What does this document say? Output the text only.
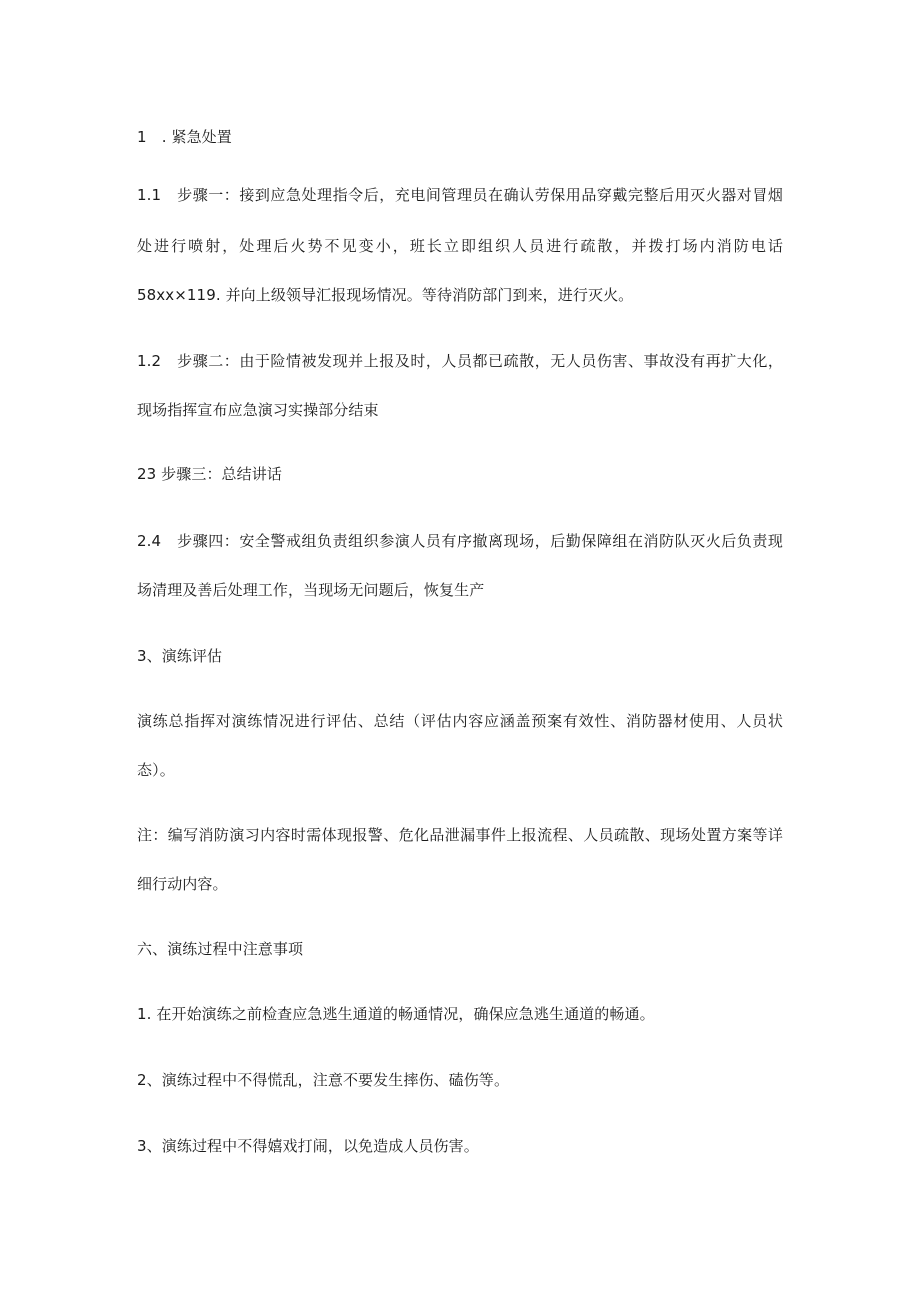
1　. 紧急处置
1.1　步骤一：接到应急处理指令后，充电间管理员在确认劳保用品穿戴完整后用灭火器对冒烟
处进行喷射，处理后火势不见变小，班长立即组织人员进行疏散，并拨打场内消防电话
58xx×119. 并向上级领导汇报现场情况。等待消防部门到来，进行灭火。
1.2　步骤二：由于险情被发现并上报及时，人员都已疏散，无人员伤害、事故没有再扩大化，
现场指挥宣布应急演习实操部分结束
23 步骤三：总结讲话
2.4　步骤四：安全警戒组负责组织参演人员有序撤离现场，后勤保障组在消防队灭火后负责现
场清理及善后处理工作，当现场无问题后，恢复生产
3、演练评估
演练总指挥对演练情况进行评估、总结（评估内容应涵盖预案有效性、消防器材使用、人员状
态）。
注：编写消防演习内容时需体现报警、危化品泄漏事件上报流程、人员疏散、现场处置方案等详
细行动内容。
六、演练过程中注意事项
1. 在开始演练之前检查应急逃生通道的畅通情况，确保应急逃生通道的畅通。
2、演练过程中不得慌乱，注意不要发生摔伤、磕伤等。
3、演练过程中不得嬉戏打闹，以免造成人员伤害。
